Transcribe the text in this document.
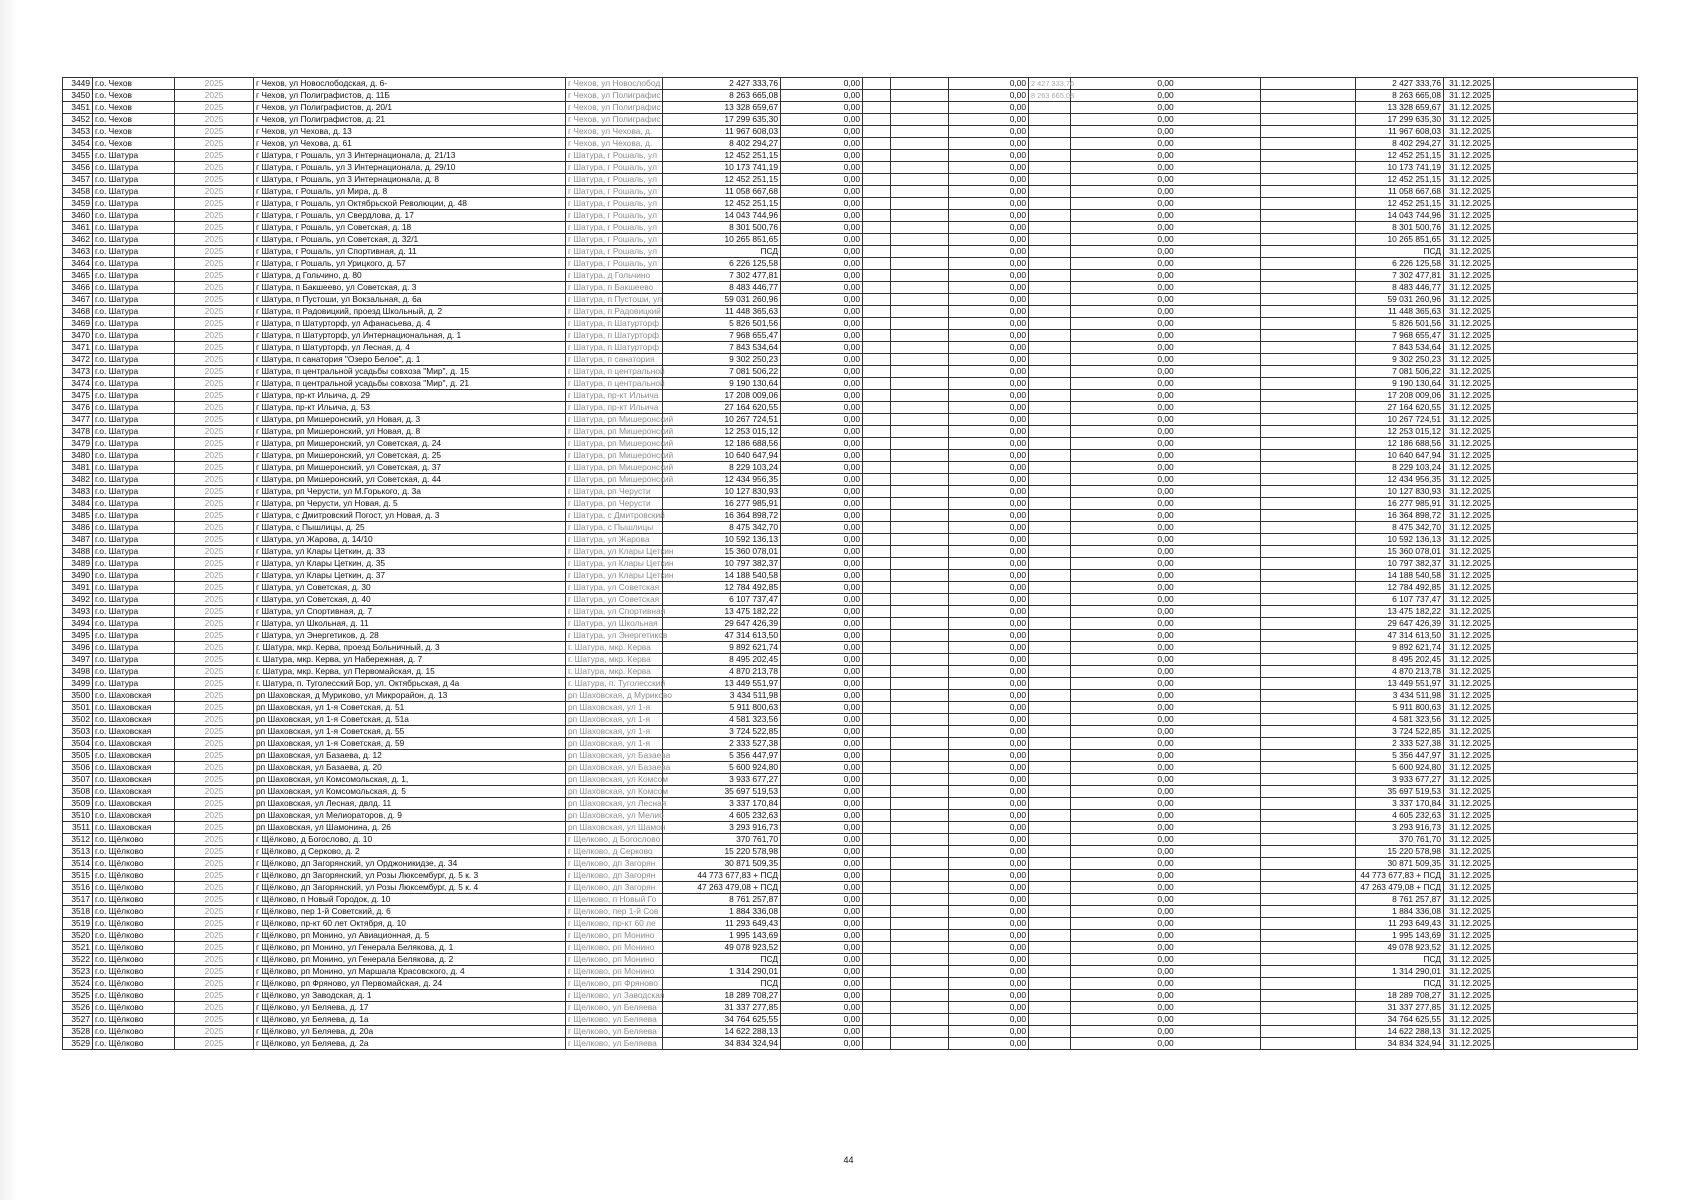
3449	г.о. Чехов	2025	г Чехов, ул Новослободская, д. 6-	г Чехов, ул Новослобод	2 427 333,76	0,00			0,00	2 427 333,76	0,00		2 427 333,76	31.12.2025	
3450	г.о. Чехов	2025	г Чехов, ул Полиграфистов, д. 11Б	г Чехов, ул Полиграфис	8 263 665,08	0,00			0,00	8 263 665,08	0,00		8 263 665,08	31.12.2025	
3451	г.о. Чехов	2025	г Чехов, ул Полиграфистов, д. 20/1	г Чехов, ул Полиграфис	13 328 659,67	0,00			0,00		0,00		13 328 659,67	31.12.2025	
3452	г.о. Чехов	2025	г Чехов, ул Полиграфистов, д. 21	г Чехов, ул Полиграфис	17 299 635,30	0,00			0,00		0,00		17 299 635,30	31.12.2025	
3453	г.о. Чехов	2025	г Чехов, ул Чехова, д. 13	г Чехов, ул Чехова, д.	11 967 608,03	0,00			0,00		0,00		11 967 608,03	31.12.2025	
3454	г.о. Чехов	2025	г Чехов, ул Чехова, д. 61	г Чехов, ул Чехова, д.	8 402 294,27	0,00			0,00		0,00		8 402 294,27	31.12.2025	
3455	г.о. Шатура	2025	г Шатура, г Рошаль, ул 3 Интернационала, д. 21/13	г Шатура, г Рошаль, ул	12 452 251,15	0,00			0,00		0,00		12 452 251,15	31.12.2025	
3456	г.о. Шатура	2025	г Шатура, г Рошаль, ул 3 Интернационала, д. 29/10	г Шатура, г Рошаль, ул	10 173 741,19	0,00			0,00		0,00		10 173 741,19	31.12.2025	
3457	г.о. Шатура	2025	г Шатура, г Рошаль, ул 3 Интернационала, д. 8	г Шатура, г Рошаль, ул	12 452 251,15	0,00			0,00		0,00		12 452 251,15	31.12.2025	
3458	г.о. Шатура	2025	г Шатура, г Рошаль, ул Мира, д. 8	г Шатура, г Рошаль, ул	11 058 667,68	0,00			0,00		0,00		11 058 667,68	31.12.2025	
3459	г.о. Шатура	2025	г Шатура, г Рошаль, ул Октябрьской Революции, д. 48	г Шатура, г Рошаль, ул	12 452 251,15	0,00			0,00		0,00		12 452 251,15	31.12.2025	
3460	г.о. Шатура	2025	г Шатура, г Рошаль, ул Свердлова, д. 17	г Шатура, г Рошаль, ул	14 043 744,96	0,00			0,00		0,00		14 043 744,96	31.12.2025	
3461	г.о. Шатура	2025	г Шатура, г Рошаль, ул Советская, д. 18	г Шатура, г Рошаль, ул	8 301 500,76	0,00			0,00		0,00		8 301 500,76	31.12.2025	
3462	г.о. Шатура	2025	г Шатура, г Рошаль, ул Советская, д. 32/1	г Шатура, г Рошаль, ул	10 265 851,65	0,00			0,00		0,00		10 265 851,65	31.12.2025	
3463	г.о. Шатура	2025	г Шатура, г Рошаль, ул Спортивная, д. 11	г Шатура, г Рошаль, ул	ПСД	0,00			0,00		0,00		ПСД	31.12.2025	
3464	г.о. Шатура	2025	г Шатура, г Рошаль, ул Урицкого, д. 57	г Шатура, г Рошаль, ул	6 226 125,58	0,00			0,00		0,00		6 226 125,58	31.12.2025	
3465	г.о. Шатура	2025	г Шатура, д Гольчино, д. 80	г Шатура, д Гольчино	7 302 477,81	0,00			0,00		0,00		7 302 477,81	31.12.2025	
3466	г.о. Шатура	2025	г Шатура, п Бакшеево, ул Советская, д. 3	г Шатура, п Бакшеево	8 483 446,77	0,00			0,00		0,00		8 483 446,77	31.12.2025	
3467	г.о. Шатура	2025	г Шатура, п Пустоши, ул Вокзальная, д. 6а	г Шатура, п Пустоши, ул	59 031 260,96	0,00			0,00		0,00		59 031 260,96	31.12.2025	
3468	г.о. Шатура	2025	г Шатура, п Радовицкий, проезд Школьный, д. 2	г Шатура, п Радовицкий	11 448 365,63	0,00			0,00		0,00		11 448 365,63	31.12.2025	
3469	г.о. Шатура	2025	г Шатура, п Шатурторф, ул Афанасьева, д. 4	г Шатура, п Шатурторф	5 826 501,56	0,00			0,00		0,00		5 826 501,56	31.12.2025	
3470	г.о. Шатура	2025	г Шатура, п Шатурторф, ул Интернациональная, д. 1	г Шатура, п Шатурторф	7 968 655,47	0,00			0,00		0,00		7 968 655,47	31.12.2025	
3471	г.о. Шатура	2025	г Шатура, п Шатурторф, ул Лесная, д. 4	г Шатура, п Шатурторф	7 843 534,64	0,00			0,00		0,00		7 843 534,64	31.12.2025	
3472	г.о. Шатура	2025	г Шатура, п санатория "Озеро Белое", д. 1	г Шатура, п санатория	9 302 250,23	0,00			0,00		0,00		9 302 250,23	31.12.2025	
3473	г.о. Шатура	2025	г Шатура, п центральной усадьбы совхоза "Мир", д. 15	г Шатура, п центральной	7 081 506,22	0,00			0,00		0,00		7 081 506,22	31.12.2025	
3474	г.о. Шатура	2025	г Шатура, п центральной усадьбы совхоза "Мир", д. 21	г Шатура, п центральной	9 190 130,64	0,00			0,00		0,00		9 190 130,64	31.12.2025	
3475	г.о. Шатура	2025	г Шатура, пр-кт Ильича, д. 29	г Шатура, пр-кт Ильича	17 208 009,06	0,00			0,00		0,00		17 208 009,06	31.12.2025	
3476	г.о. Шатура	2025	г Шатура, пр-кт Ильича, д. 53	г Шатура, пр-кт Ильича	27 164 620,55	0,00			0,00		0,00		27 164 620,55	31.12.2025	
3477	г.о. Шатура	2025	г Шатура, рп Мишеронский, ул Новая, д. 3	г Шатура, рп Мишеронский	10 267 724,51	0,00			0,00		0,00		10 267 724,51	31.12.2025	
3478	г.о. Шатура	2025	г Шатура, рп Мишеронский, ул Новая, д. 8	г Шатура, рп Мишеронский	12 253 015,12	0,00			0,00		0,00		12 253 015,12	31.12.2025	
3479	г.о. Шатура	2025	г Шатура, рп Мишеронский, ул Советская, д. 24	г Шатура, рп Мишеронский	12 186 688,56	0,00			0,00		0,00		12 186 688,56	31.12.2025	
3480	г.о. Шатура	2025	г Шатура, рп Мишеронский, ул Советская, д. 25	г Шатура, рп Мишеронский	10 640 647,94	0,00			0,00		0,00		10 640 647,94	31.12.2025	
3481	г.о. Шатура	2025	г Шатура, рп Мишеронский, ул Советская, д. 37	г Шатура, рп Мишеронский	8 229 103,24	0,00			0,00		0,00		8 229 103,24	31.12.2025	
3482	г.о. Шатура	2025	г Шатура, рп Мишеронский, ул Советская, д. 44	г Шатура, рп Мишеронский	12 434 956,35	0,00			0,00		0,00		12 434 956,35	31.12.2025	
3483	г.о. Шатура	2025	г Шатура, рп Черусти, ул М.Горького, д. 3а	г Шатура, рп Черусти	10 127 830,93	0,00			0,00		0,00		10 127 830,93	31.12.2025	
3484	г.о. Шатура	2025	г Шатура, рп Черусти, ул Новая, д. 5	г Шатура, рп Черусти	16 277 985,91	0,00			0,00		0,00		16 277 985,91	31.12.2025	
3485	г.о. Шатура	2025	г Шатура, с Дмитровский Погост, ул Новая, д. 3	г Шатура, с Дмитровский	16 364 898,72	0,00			0,00		0,00		16 364 898,72	31.12.2025	
3486	г.о. Шатура	2025	г Шатура, с Пышлицы, д. 25	г Шатура, с Пышлицы	8 475 342,70	0,00			0,00		0,00		8 475 342,70	31.12.2025	
3487	г.о. Шатура	2025	г Шатура, ул Жарова, д. 14/10	г Шатура, ул Жарова	10 592 136,13	0,00			0,00		0,00		10 592 136,13	31.12.2025	
3488	г.о. Шатура	2025	г Шатура, ул Клары Цеткин, д. 33	г Шатура, ул Клары Цеткин	15 360 078,01	0,00			0,00		0,00		15 360 078,01	31.12.2025	
3489	г.о. Шатура	2025	г Шатура, ул Клары Цеткин, д. 35	г Шатура, ул Клары Цеткин	10 797 382,37	0,00			0,00		0,00		10 797 382,37	31.12.2025	
3490	г.о. Шатура	2025	г Шатура, ул Клары Цеткин, д. 37	г Шатура, ул Клары Цеткин	14 188 540,58	0,00			0,00		0,00		14 188 540,58	31.12.2025	
3491	г.о. Шатура	2025	г Шатура, ул Советская, д. 30	г Шатура, ул Советская	12 784 492,85	0,00			0,00		0,00		12 784 492,85	31.12.2025	
3492	г.о. Шатура	2025	г Шатура, ул Советская, д. 40	г Шатура, ул Советская	6 107 737,47	0,00			0,00		0,00		6 107 737,47	31.12.2025	
3493	г.о. Шатура	2025	г Шатура, ул Спортивная, д. 7	г Шатура, ул Спортивная	13 475 182,22	0,00			0,00		0,00		13 475 182,22	31.12.2025	
3494	г.о. Шатура	2025	г Шатура, ул Школьная, д. 11	г Шатура, ул Школьная	29 647 426,39	0,00			0,00		0,00		29 647 426,39	31.12.2025	
3495	г.о. Шатура	2025	г Шатура, ул Энергетиков, д. 28	г Шатура, ул Энергетиков	47 314 613,50	0,00			0,00		0,00		47 314 613,50	31.12.2025	
3496	г.о. Шатура	2025	г. Шатура, мкр. Керва, проезд Больничный, д. 3	г. Шатура, мкр. Керва	9 892 621,74	0,00			0,00		0,00		9 892 621,74	31.12.2025	
3497	г.о. Шатура	2025	г. Шатура, мкр. Керва, ул Набережная, д. 7	г. Шатура, мкр. Керва	8 495 202,45	0,00			0,00		0,00		8 495 202,45	31.12.2025	
3498	г.о. Шатура	2025	г. Шатура, мкр. Керва, ул Первомайская, д. 15	г. Шатура, мкр. Керва	4 870 213,78	0,00			0,00		0,00		4 870 213,78	31.12.2025	
3499	г.о. Шатура	2025	г. Шатура, п. Туголесский Бор, ул. Октябрьская, д 4а	г. Шатура, п. Туголесский	13 449 551,97	0,00			0,00		0,00		13 449 551,97	31.12.2025	
3500	г.о. Шаховская	2025	рп Шаховская, д Муриково, ул Микрорайон, д. 13	рп Шаховская, д Муриково	3 434 511,98	0,00			0,00		0,00		3 434 511,98	31.12.2025	
3501	г.о. Шаховская	2025	рп Шаховская, ул 1-я Советская, д. 51	рп Шаховская, ул 1-я	5 911 800,63	0,00			0,00		0,00		5 911 800,63	31.12.2025	
3502	г.о. Шаховская	2025	рп Шаховская, ул 1-я Советская, д. 51а	рп Шаховская, ул 1-я	4 581 323,56	0,00			0,00		0,00		4 581 323,56	31.12.2025	
3503	г.о. Шаховская	2025	рп Шаховская, ул 1-я Советская, д. 55	рп Шаховская, ул 1-я	3 724 522,85	0,00			0,00		0,00		3 724 522,85	31.12.2025	
3504	г.о. Шаховская	2025	рп Шаховская, ул 1-я Советская, д. 59	рп Шаховская, ул 1-я	2 333 527,38	0,00			0,00		0,00		2 333 527,38	31.12.2025	
3505	г.о. Шаховская	2025	рп Шаховская, ул Базаева, д. 12	рп Шаховская, ул Базаева	5 356 447,97	0,00			0,00		0,00		5 356 447,97	31.12.2025	
3506	г.о. Шаховская	2025	рп Шаховская, ул Базаева, д. 20	рп Шаховская, ул Базаева	5 600 924,80	0,00			0,00		0,00		5 600 924,80	31.12.2025	
3507	г.о. Шаховская	2025	рп Шаховская, ул Комсомольская, д. 1,	рп Шаховская, ул Комсом	3 933 677,27	0,00			0,00		0,00		3 933 677,27	31.12.2025	
3508	г.о. Шаховская	2025	рп Шаховская, ул Комсомольская, д. 5	рп Шаховская, ул Комсом	35 697 519,53	0,00			0,00		0,00		35 697 519,53	31.12.2025	
3509	г.о. Шаховская	2025	рп Шаховская, ул Лесная, двлд. 11	рп Шаховская, ул Лесная	3 337 170,84	0,00			0,00		0,00		3 337 170,84	31.12.2025	
3510	г.о. Шаховская	2025	рп Шаховская, ул Мелиораторов, д. 9	рп Шаховская, ул Мелио	4 605 232,63	0,00			0,00		0,00		4 605 232,63	31.12.2025	
3511	г.о. Шаховская	2025	рп Шаховская, ул Шамонина, д. 26	рп Шаховская, ул Шамон	3 293 916,73	0,00			0,00		0,00		3 293 916,73	31.12.2025	
3512	г.о. Щёлково	2025	г Щёлково, д Богослово, д. 10	г Щелково, д Богослово	370 761,70	0,00			0,00		0,00		370 761,70	31.12.2025	
3513	г.о. Щёлково	2025	г Щёлково, д Серково, д. 2	г Щелково, д Серково	15 220 578,98	0,00			0,00		0,00		15 220 578,98	31.12.2025	
3514	г.о. Щёлково	2025	г Щёлково, дп Загорянский, ул Орджоникидзе, д. 34	г Щелково, дп Загорян	30 871 509,35	0,00			0,00		0,00		30 871 509,35	31.12.2025	
3515	г.о. Щёлково	2025	г Щёлково, дп Загорянский, ул Розы Люксембург, д. 5 к. 3	г Щелково, дп Загорян	44 773 677,83 + ПСД	0,00			0,00		0,00		44 773 677,83 + ПСД	31.12.2025	
3516	г.о. Щёлково	2025	г Щёлково, дп Загорянский, ул Розы Люксембург, д. 5 к. 4	г Щелково, дп Загорян	47 263 479,08 + ПСД	0,00			0,00		0,00		47 263 479,08 + ПСД	31.12.2025	
3517	г.о. Щёлково	2025	г Щёлково, п Новый Городок, д. 10	г Щелково, п Новый Го	8 761 257,87	0,00			0,00		0,00		8 761 257,87	31.12.2025	
3518	г.о. Щёлково	2025	г Щёлково, пер 1-й Советский, д. 6	г Щелково, пер 1-й Сов	1 884 336,08	0,00			0,00		0,00		1 884 336,08	31.12.2025	
3519	г.о. Щёлково	2025	г Щёлково, пр-кт 60 лет Октября, д. 10	г Щелково, пр-кт 60 ле	11 293 649,43	0,00			0,00		0,00		11 293 649,43	31.12.2025	
3520	г.о. Щёлково	2025	г Щёлково, рп Монино, ул Авиационная, д. 5	г Щелково, рп Монино	1 995 143,69	0,00			0,00		0,00		1 995 143,69	31.12.2025	
3521	г.о. Щёлково	2025	г Щёлково, рп Монино, ул Генерала Белякова, д. 1	г Щелково, рп Монино	49 078 923,52	0,00			0,00		0,00		49 078 923,52	31.12.2025	
3522	г.о. Щёлково	2025	г Щёлково, рп Монино, ул Генерала Белякова, д. 2	г Щелково, рп Монино	ПСД	0,00			0,00		0,00		ПСД	31.12.2025	
3523	г.о. Щёлково	2025	г Щёлково, рп Монино, ул Маршала Красовского, д. 4	г Щелково, рп Монино	1 314 290,01	0,00			0,00		0,00		1 314 290,01	31.12.2025	
3524	г.о. Щёлково	2025	г Щёлково, рп Фряново, ул Первомайская, д. 24	г Щелково, рп Фряново	ПСД	0,00			0,00		0,00		ПСД	31.12.2025	
3525	г.о. Щёлково	2025	г Щёлково, ул Заводская, д. 1	г Щелково, ул Заводская	18 289 708,27	0,00			0,00		0,00		18 289 708,27	31.12.2025	
3526	г.о. Щёлково	2025	г Щёлково, ул Беляева, д. 17	г Щелково, ул Беляева	31 337 277,85	0,00			0,00		0,00		31 337 277,85	31.12.2025	
3527	г.о. Щёлково	2025	г Щёлково, ул Беляева, д. 1а	г Щелково, ул Беляева	34 764 625,55	0,00			0,00		0,00		34 764 625,55	31.12.2025	
3528	г.о. Щёлково	2025	г Щёлково, ул Беляева, д. 20а	г Щелково, ул Беляева	14 622 288,13	0,00			0,00		0,00		14 622 288,13	31.12.2025	
3529	г.о. Щёлково	2025	г Щёлково, ул Беляева, д. 2а	г Щелково, ул Беляева	34 834 324,94	0,00			0,00		0,00		34 834 324,94	31.12.2025	
44
